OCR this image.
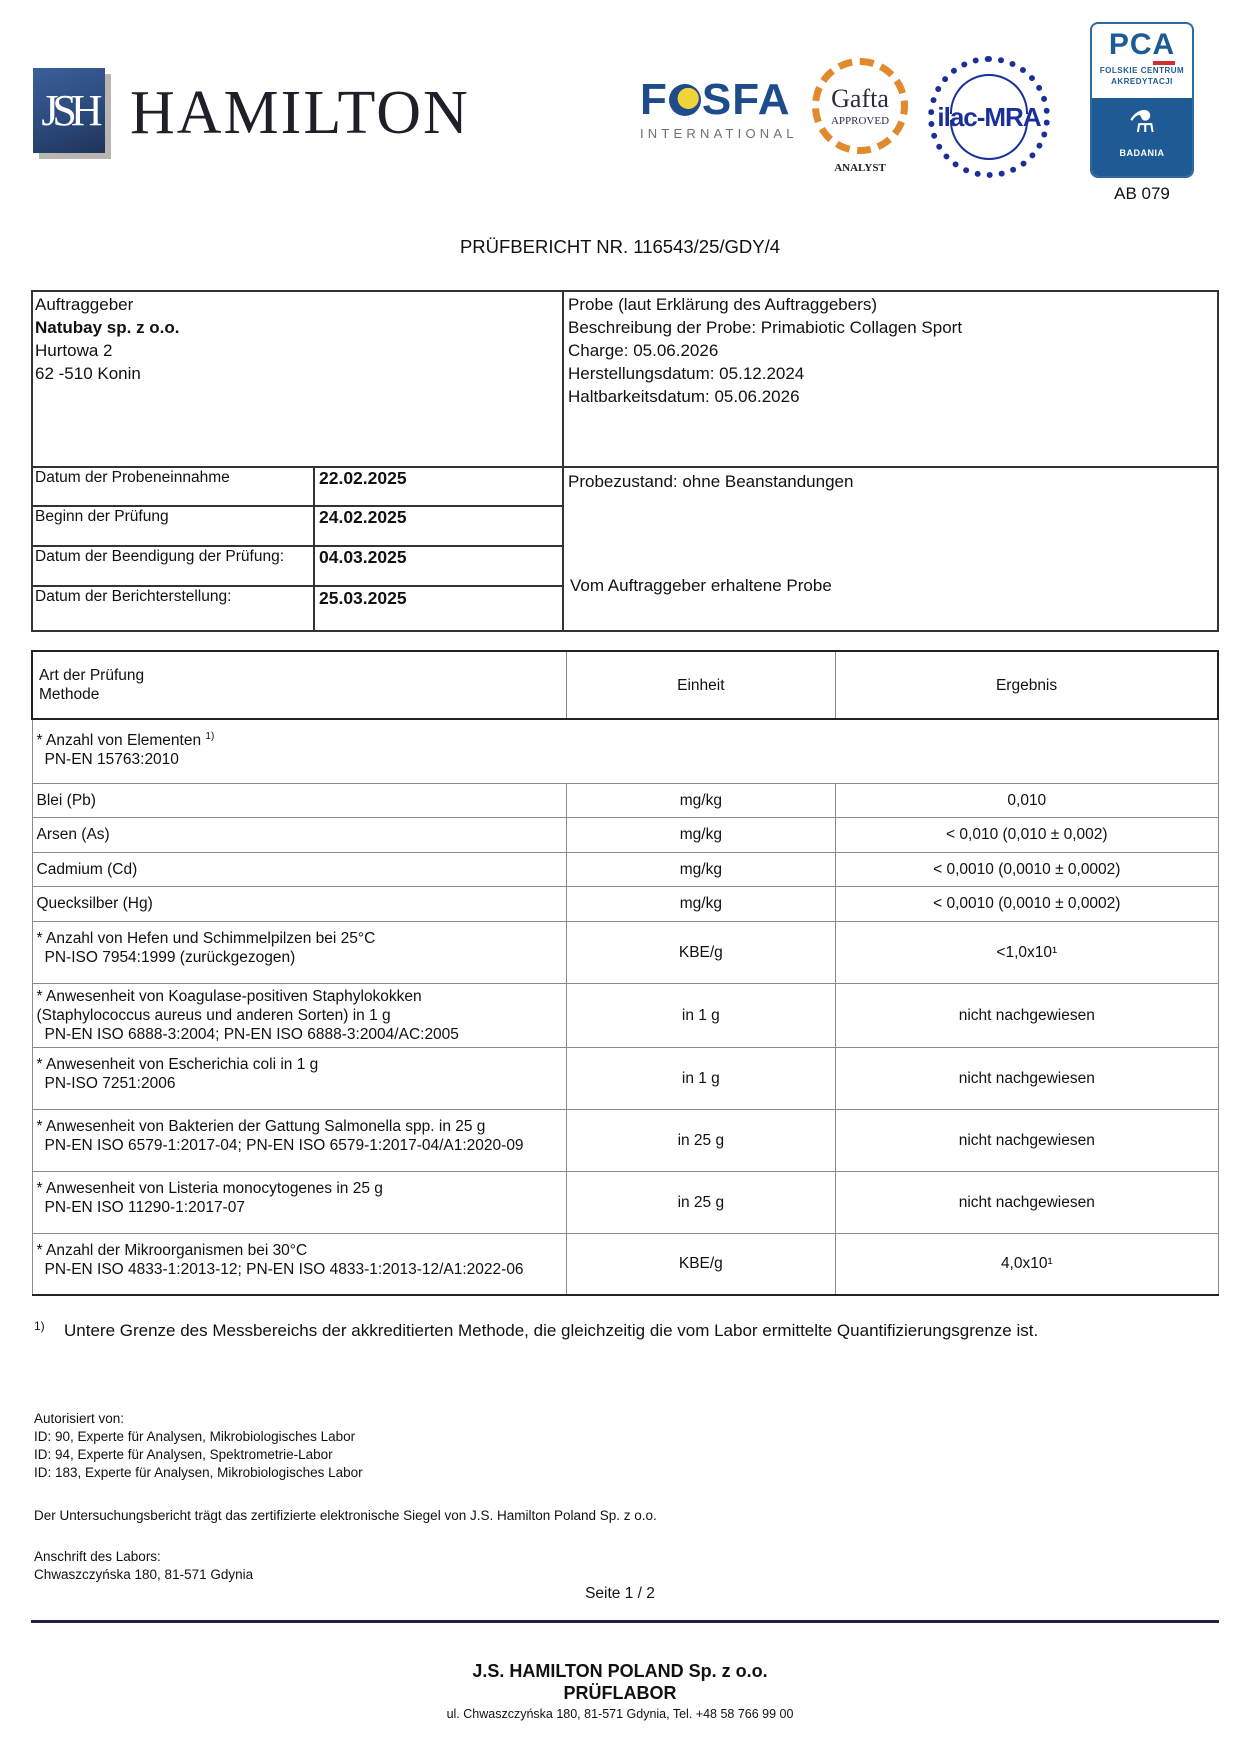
JSH HAMILTON	F SFA
INTERNATIONAL
Gafta
APPROVED
ANALYST
ilac-MRA
PCA
FOLSKIE CENTRUM
AKREDYTACJI
⚗
BADANIA
AB 079
PRÜFBERICHT NR. 116543/25/GDY/4
Auftraggeber
Natubay sp. z o.o.
Hurtowa 2
62 -510 Konin
Probe (laut Erklärung des Auftraggebers)
Beschreibung der Probe: Primabiotic Collagen Sport
Charge: 05.06.2026
Herstellungsdatum: 05.12.2024
Haltbarkeitsdatum: 05.06.2026
Datum der Probeneinnahme	22.02.2025
Beginn der Prüfung	24.02.2025
Datum der Beendigung der Prüfung: 04.03.2025
Datum der Berichterstellung:	25.03.2025
Probezustand: ohne Beanstandungen
Vom Auftraggeber erhaltene Probe
Art der Prüfung
Methode	Einheit	Ergebnis
* Anzahl von Elementen $^{1)}$
PN-EN 15763:2010		

Blei (Pb)	mg/kg	0,010
Arsen (As)	mg/kg	< 0,010 (0,010 ± 0,002)
Cadmium (Cd)	mg/kg	< 0,0010 (0,0010 ± 0,0002)
Quecksilber (Hg)	mg/kg	< 0,0010 (0,0010 ± 0,0002)

* Anzahl von Hefen und Schimmelpilzen bei 25°C
PN-ISO 7954:1999 (zurückgezogen)	KBE/g	<1,0x10¹

* Anwesenheit von Koagulase-positiven Staphylokokken
(Staphylococcus aureus und anderen Sorten) in 1 g
PN-EN ISO 6888-3:2004; PN-EN ISO 6888-3:2004/AC:2005	in 1 g	nicht nachgewiesen

* Anwesenheit von Escherichia coli in 1 g
PN-ISO 7251:2006	in 1 g	nicht nachgewiesen

* Anwesenheit von Bakterien der Gattung Salmonella spp. in 25 g
PN-EN ISO 6579-1:2017-04; PN-EN ISO 6579-1:2017-04/A1:2020-09	in 25 g	nicht nachgewiesen

* Anwesenheit von Listeria monocytogenes in 25 g
PN-EN ISO 11290-1:2017-07	in 25 g	nicht nachgewiesen

* Anzahl der Mikroorganismen bei 30°C
PN-EN ISO 4833-1:2013-12; PN-EN ISO 4833-1:2013-12/A1:2022-06	KBE/g	4,0x10¹
1)	Untere Grenze des Messbereichs der akkreditierten Methode, die gleichzeitig die vom Labor ermittelte Quantifizierungsgrenze ist.
Autorisiert von:
ID: 90, Experte für Analysen, Mikrobiologisches Labor
ID: 94, Experte für Analysen, Spektrometrie-Labor
ID: 183, Experte für Analysen, Mikrobiologisches Labor
Der Untersuchungsbericht trägt das zertifizierte elektronische Siegel von J.S. Hamilton Poland Sp. z o.o.
Anschrift des Labors:
Chwaszczyńska 180, 81-571 Gdynia
Seite 1 / 2
J.S. HAMILTON POLAND Sp. z o.o.
PRÜFLABOR
ul. Chwaszczyńska 180, 81-571 Gdynia, Tel. +48 58 766 99 00
